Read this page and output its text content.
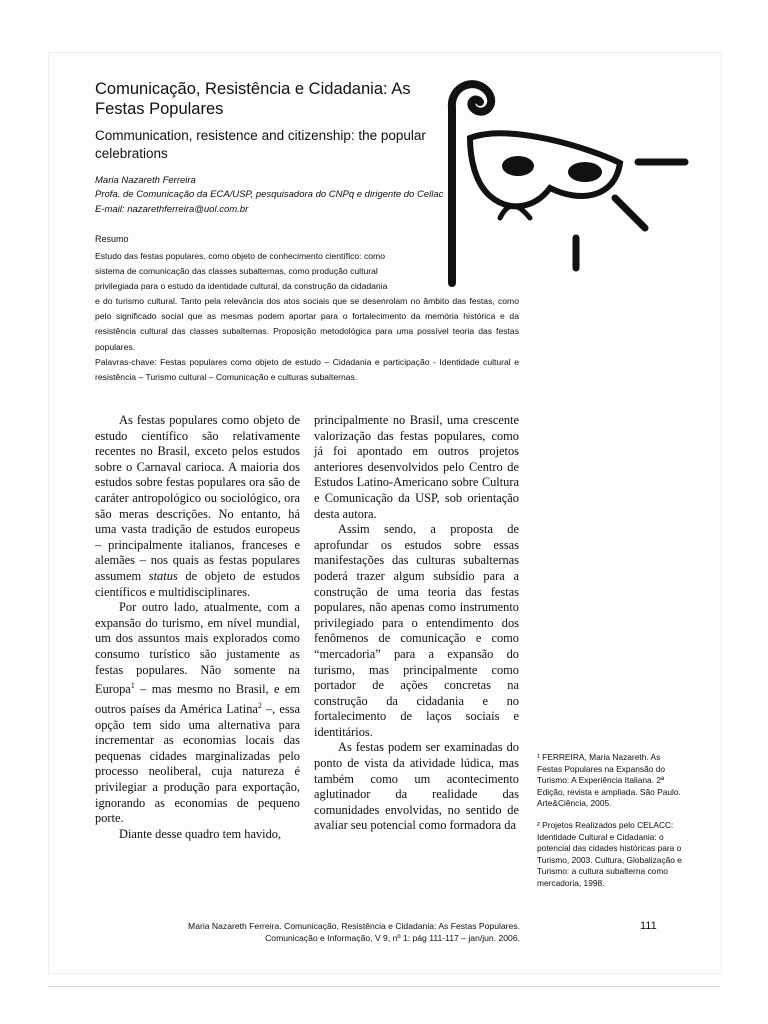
Comunicação, Resistência e Cidadania: As Festas Populares
Communication, resistence and citizenship: the popular celebrations
Maria Nazareth Ferreira
Profa. de Comunicação da ECA/USP, pesquisadora do CNPq e dirigente do Cellac
E-mail: nazarethferreira@uol.com.br
Resumo
Estudo das festas populares, como objeto de conhecimento científico: como
sistema de comunicação das classes subalternas, como produção cultural
privilegiada para o estudo da identidade cultural, da construção da cidadania
e do turismo cultural. Tanto pela relevância dos atos sociais que se desenrolam no âmbito das festas, como pelo significado social que as mesmas podem aportar para o fortalecimento da memória histórica e da resistência cultural das classes subalternas. Proposição metodológica para uma possível teoria das festas populares.
Palavras-chave: Festas populares como objeto de estudo – Cidadania e participação - Identidade cultural e resistência – Turismo cultural – Comunicação e culturas subalternas.

As festas populares como objeto de estudo científico são relativamente recentes no Brasil, exceto pelos estudos sobre o Carnaval carioca. A maioria dos estudos sobre festas populares ora são de caráter antropológico ou sociológico, ora são meras descrições. No entanto, há uma vasta tradição de estudos europeus – principalmente italianos, franceses e alemães – nos quais as festas populares assumem status de objeto de estudos científicos e multidisciplinares.

Por outro lado, atualmente, com a expansão do turismo, em nível mundial, um dos assuntos mais explorados como consumo turístico são justamente as festas populares. Não somente na Europa$^1$ – mas mesmo no Brasil, e em outros países da América Latina$^2$ –, essa opção tem sido uma alternativa para incrementar as economias locais das pequenas cidades marginalizadas pelo processo neoliberal, cuja natureza é privilegiar a produção para exportação, ignorando as economias de pequeno porte.

Diante desse quadro tem havido,

principalmente no Brasil, uma crescente valorização das festas populares, como já foi apontado em outros projetos anteriores desenvolvidos pelo Centro de Estudos Latino-Americano sobre Cultura e Comunicação da USP, sob orientação desta autora.

Assim sendo, a proposta de aprofundar os estudos sobre essas manifestações das culturas subalternas poderá trazer algum subsídio para a construção de uma teoria das festas populares, não apenas como instrumento privilegiado para o entendimento dos fenômenos de comunicação e como “mercadoria” para a expansão do turismo, mas principalmente como portador de ações concretas na construção da cidadania e no fortalecimento de laços sociais e identitários.

As festas podem ser examinadas do ponto de vista da atividade lúdica, mas também como um acontecimento aglutinador da realidade das comunidades envolvidas, no sentido de avaliar seu potencial como formadora da

¹ FERREIRA, Maria Nazareth. As Festas Populares na Expansão do Turismo: A Experiência Italiana. 2ª Edição, revista e ampliada. São Paulo. Arte&Ciência, 2005.

² Projetos Realizados pelo CELACC: Identidade Cultural e Cidadania: o potencial das cidades históricas para o Turismo, 2003. Cultura, Globalização e Turismo: a cultura subalterna como mercadoria, 1998.

Maria Nazareth Ferreira. Comunicação, Resistência e Cidadania: As Festas Populares.
Comunicação e Informação, V 9, nº 1: pág 111-117 – jan/jun. 2006.
111
